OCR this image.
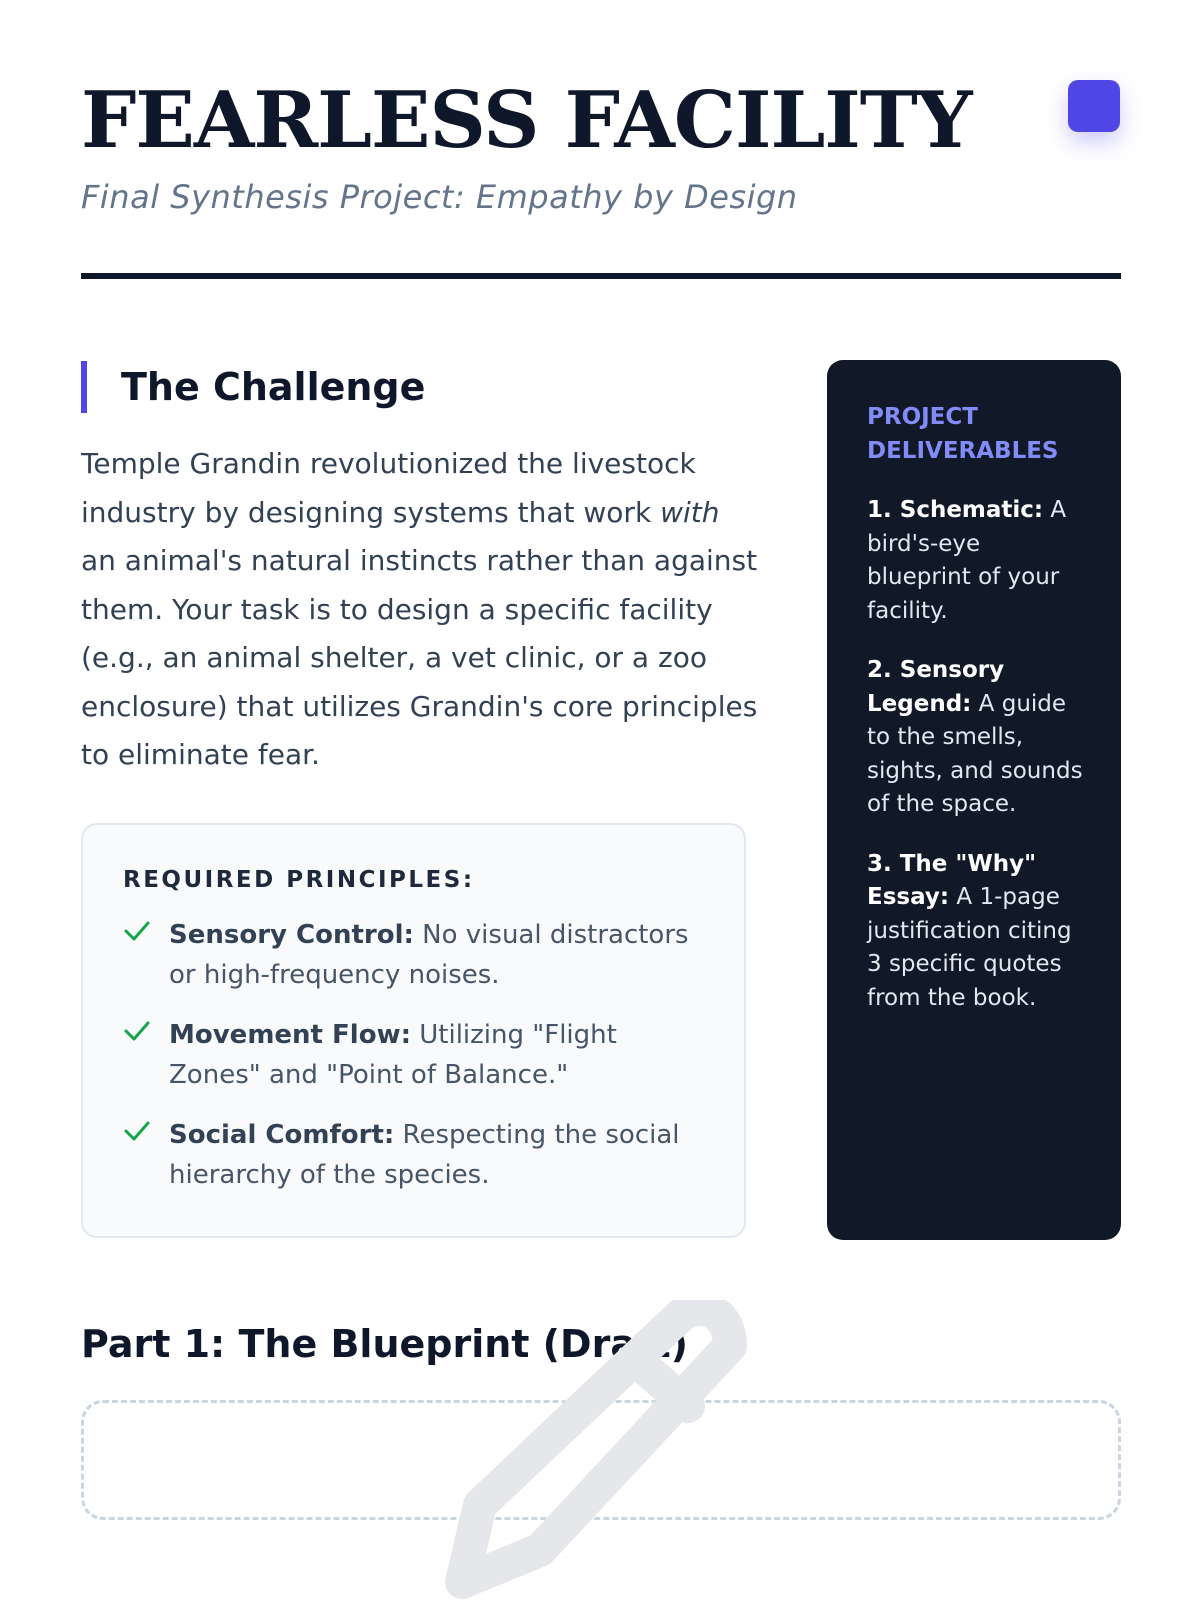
FEARLESS FACILITY
Final Synthesis Project: Empathy by Design
The Challenge
Temple Grandin revolutionized the livestock industry by designing systems that work with an animal's natural instincts rather than against them. Your task is to design a specific facility (e.g., an animal shelter, a vet clinic, or a zoo enclosure) that utilizes Grandin's core principles to eliminate fear.
REQUIRED PRINCIPLES:
Sensory Control: No visual distractors or high-frequency noises.
Movement Flow: Utilizing "Flight Zones" and "Point of Balance."
Social Comfort: Respecting the social hierarchy of the species.
PROJECT DELIVERABLES
1. Schematic: A bird's-eye blueprint of your facility.
2. Sensory Legend: A guide to the smells, sights, and sounds of the space.
3. The "Why" Essay: A 1-page justification citing 3 specific quotes from the book.
Part 1: The Blueprint (Draft)
